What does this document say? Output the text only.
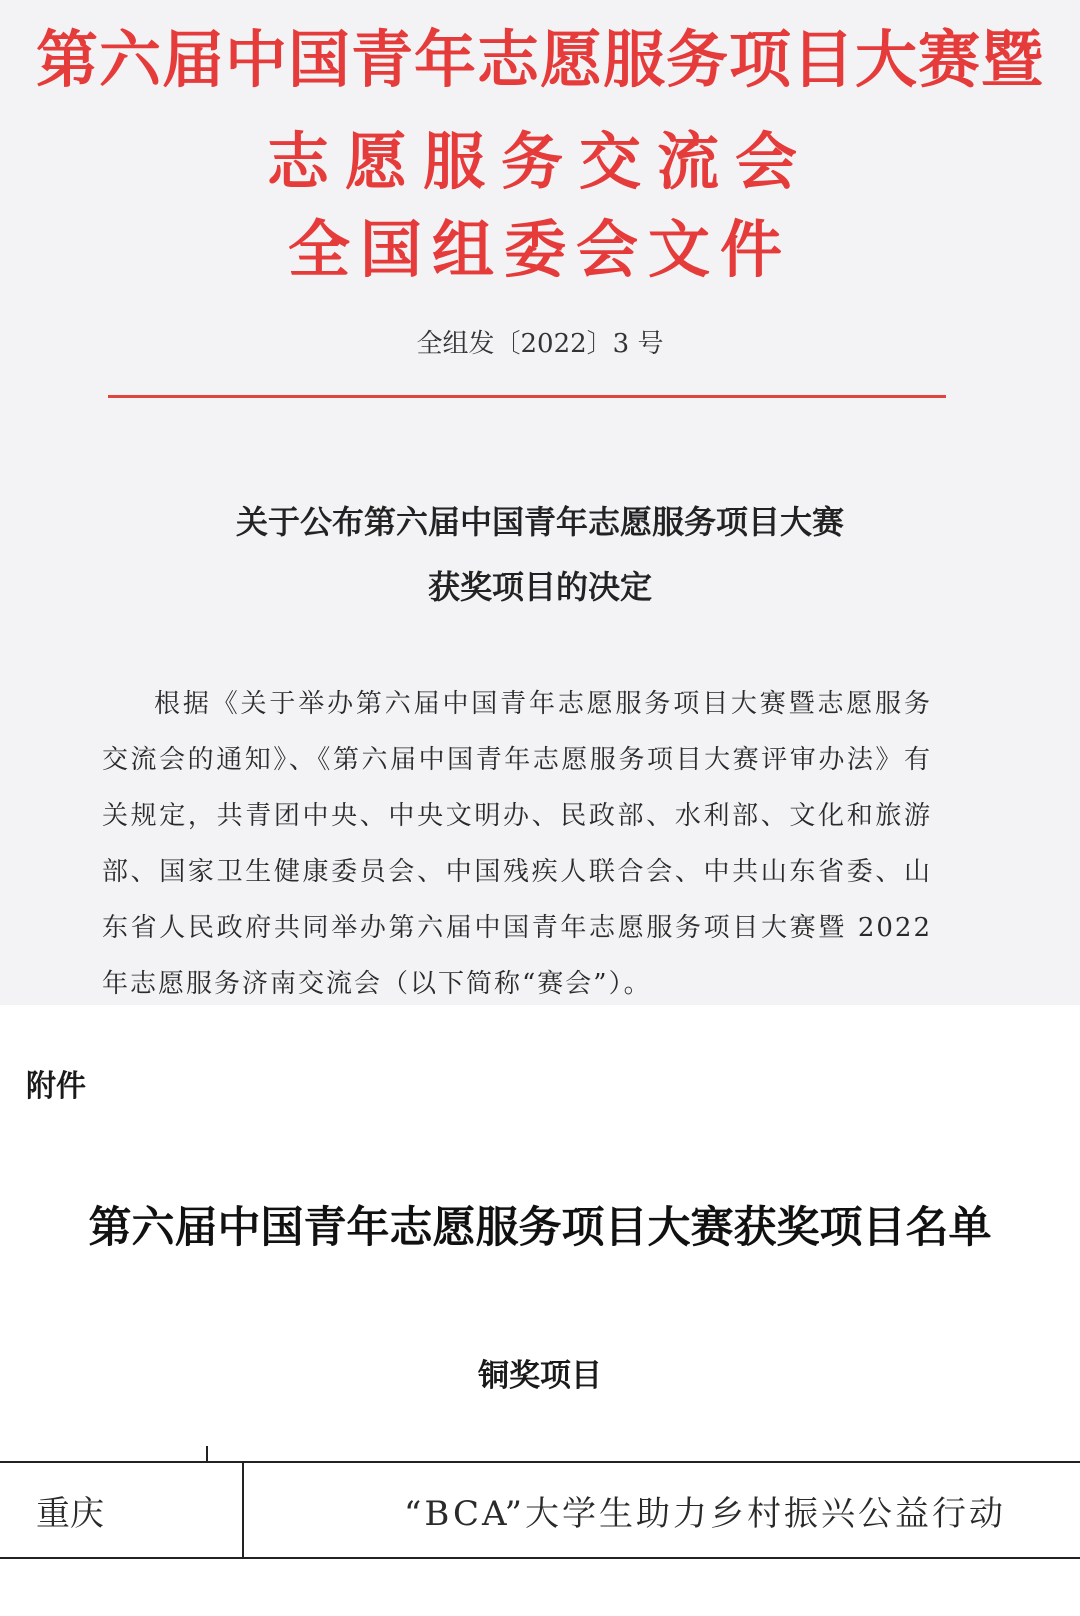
第六届中国青年志愿服务项目大赛暨
志愿服务交流会
全国组委会文件
全组发〔2022〕3 号
关于公布第六届中国青年志愿服务项目大赛
获奖项目的决定
根据《关于举办第六届中国青年志愿服务项目大赛暨志愿服务交流会的通知》、《第六届中国青年志愿服务项目大赛评审办法》有关规定，共青团中央、中央文明办、民政部、水利部、文化和旅游部、国家卫生健康委员会、中国残疾人联合会、中共山东省委、山东省人民政府共同举办第六届中国青年志愿服务项目大赛暨 2022 年志愿服务济南交流会（以下简称“赛会”）。
附件
第六届中国青年志愿服务项目大赛获奖项目名单
铜奖项目
重庆	“BCA”大学生助力乡村振兴公益行动
